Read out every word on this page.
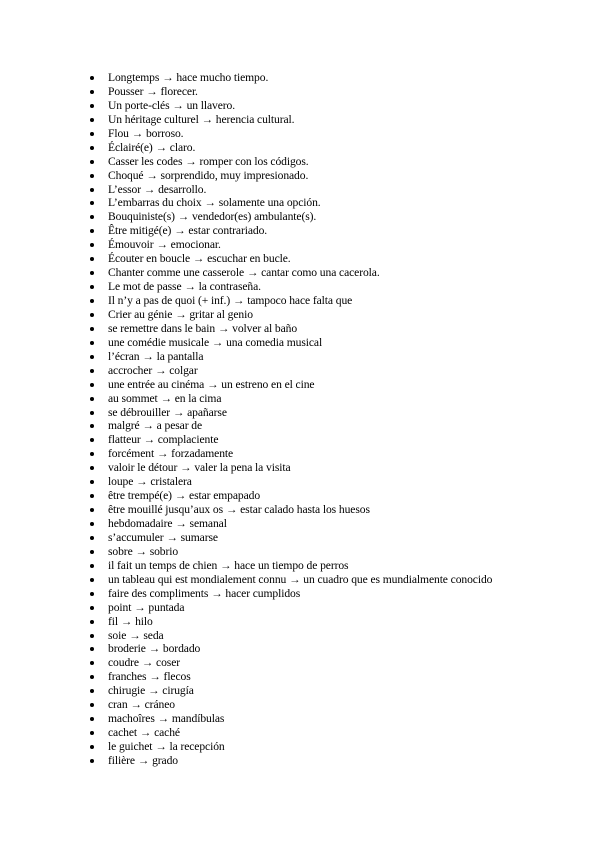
Longtemps → hace mucho tiempo.
Pousser → florecer.
Un porte-clés → un llavero.
Un héritage culturel → herencia cultural.
Flou → borroso.
Éclairé(e) → claro.
Casser les codes → romper con los códigos.
Choqué → sorprendido, muy impresionado.
L’essor → desarrollo.
L’embarras du choix → solamente una opción.
Bouquiniste(s) → vendedor(es) ambulante(s).
Être mitigé(e) → estar contrariado.
Émouvoir → emocionar.
Écouter en boucle → escuchar en bucle.
Chanter comme une casserole → cantar como una cacerola.
Le mot de passe → la contraseña.
Il n’y a pas de quoi (+ inf.) → tampoco hace falta que
Crier au génie → gritar al genio
se remettre dans le bain → volver al baño
une comédie musicale → una comedia musical
l’écran → la pantalla
accrocher → colgar
une entrée au cinéma → un estreno en el cine
au sommet → en la cima
se débrouiller → apañarse
malgré → a pesar de
flatteur → complaciente
forcément → forzadamente
valoir le détour → valer la pena la visita
loupe → cristalera
être trempé(e) → estar empapado
être mouillé jusqu’aux os → estar calado hasta los huesos
hebdomadaire → semanal
s’accumuler → sumarse
sobre → sobrio
il fait un temps de chien → hace un tiempo de perros
un tableau qui est mondialement connu → un cuadro que es mundialmente conocido
faire des compliments → hacer cumplidos
point → puntada
fil → hilo
soie → seda
broderie → bordado
coudre → coser
franches → flecos
chirugie → cirugía
cran → cráneo
machoîres → mandíbulas
cachet → caché
le guichet → la recepción
filière → grado
